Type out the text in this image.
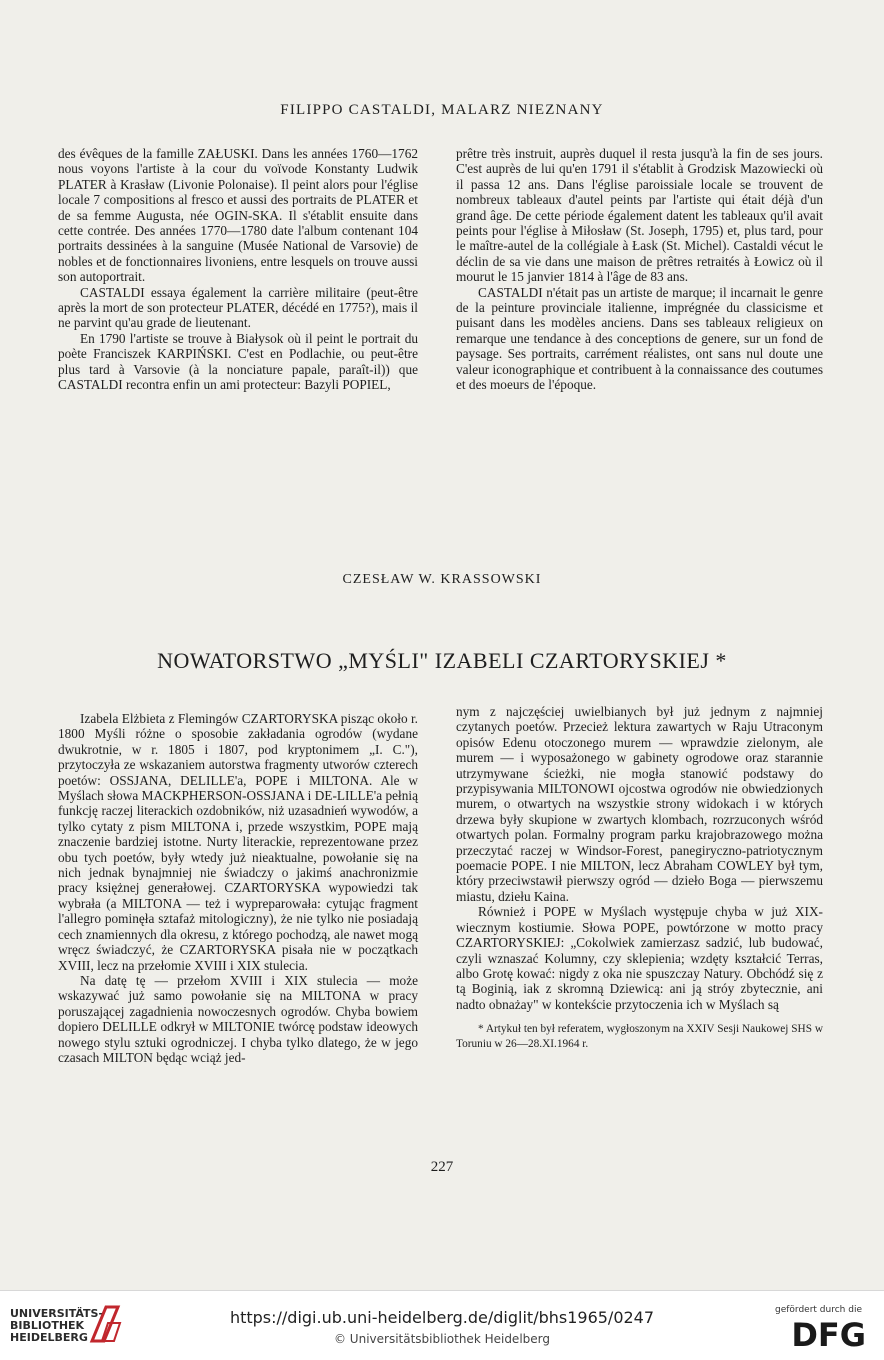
FILIPPO CASTALDI, MALARZ NIEZNANY

des évêques de la famille ZAŁUSKI. Dans les années 1760—1762 nous voyons l'artiste à la cour du voïvode Konstanty Ludwik PLATER à Krasław (Livonie Polonaise). Il peint alors pour l'église locale 7 compositions al fresco et aussi des portraits de PLATER et de sa femme Augusta, née OGIN-SKA. Il s'établit ensuite dans cette contrée. Des années 1770—1780 date l'album contenant 104 portraits dessinées à la sanguine (Musée National de Varsovie) de nobles et de fonctionnaires livoniens, entre lesquels on trouve aussi son autoportrait.

CASTALDI essaya également la carrière militaire (peut-être après la mort de son protecteur PLATER, décédé en 1775?), mais il ne parvint qu'au grade de lieutenant.

En 1790 l'artiste se trouve à Białysok où il peint le portrait du poète Franciszek KARPIŃSKI. C'est en Podlachie, ou peut-être plus tard à Varsovie (à la nonciature papale, paraît-il)) que CASTALDI recontra enfin un ami protecteur: Bazyli POPIEL,

prêtre très instruit, auprès duquel il resta jusqu'à la fin de ses jours. C'est auprès de lui qu'en 1791 il s'établit à Grodzisk Mazowiecki où il passa 12 ans. Dans l'église paroissiale locale se trouvent de nombreux tableaux d'autel peints par l'artiste qui était déjà d'un grand âge. De cette période également datent les tableaux qu'il avait peints pour l'église à Miłosław (St. Joseph, 1795) et, plus tard, pour le maître-autel de la collégiale à Łask (St. Michel). Castaldi vécut le déclin de sa vie dans une maison de prêtres retraités à Łowicz où il mourut le 15 janvier 1814 à l'âge de 83 ans.

CASTALDI n'était pas un artiste de marque; il incarnait le genre de la peinture provinciale italienne, imprégnée du classicisme et puisant dans les modèles anciens. Dans ses tableaux religieux on remarque une tendance à des conceptions de genere, sur un fond de paysage. Ses portraits, carrément réalistes, ont sans nul doute une valeur iconographique et contribuent à la connaissance des coutumes et des moeurs de l'époque.

CZESŁAW W. KRASSOWSKI
NOWATORSTWO „MYŚLI" IZABELI CZARTORYSKIEJ *

Izabela Elżbieta z Flemingów CZARTORYSKA pisząc około r. 1800 Myśli różne o sposobie zakładania ogrodów (wydane dwukrotnie, w r. 1805 i 1807, pod kryptonimem „I. C."), przytoczyła ze wskazaniem autorstwa fragmenty utworów czterech poetów: OSSJANA, DELILLE'a, POPE i MILTONA. Ale w Myślach słowa MACKPHERSON-OSSJANA i DE-LILLE'a pełnią funkcję raczej literackich ozdobników, niż uzasadnień wywodów, a tylko cytaty z pism MILTONA i, przede wszystkim, POPE mają znaczenie bardziej istotne. Nurty literackie, reprezentowane przez obu tych poetów, były wtedy już nieaktualne, powołanie się na nich jednak bynajmniej nie świadczy o jakimś anachronizmie pracy księżnej generałowej. CZARTORYSKA wypowiedzi tak wybrała (a MILTONA — też i wypreparowała: cytując fragment l'allegro pominęła sztafaż mitologiczny), że nie tylko nie posiadają cech znamiennych dla okresu, z którego pochodzą, ale nawet mogą wręcz świadczyć, że CZARTORYSKA pisała nie w początkach XVIII, lecz na przełomie XVIII i XIX stulecia.

Na datę tę — przełom XVIII i XIX stulecia — może wskazywać już samo powołanie się na MILTONA w pracy poruszającej zagadnienia nowoczesnych ogrodów. Chyba bowiem dopiero DELILLE odkrył w MILTONIE twórcę podstaw ideowych nowego stylu sztuki ogrodniczej. I chyba tylko dlatego, że w jego czasach MILTON będąc wciąż jed-

nym z najczęściej uwielbianych był już jednym z najmniej czytanych poetów. Przecież lektura zawartych w Raju Utraconym opisów Edenu otoczonego murem — wprawdzie zielonym, ale murem — i wyposażonego w gabinety ogrodowe oraz starannie utrzymywane ścieżki, nie mogła stanowić podstawy do przypisywania MILTONOWI ojcostwa ogrodów nie obwiedzionych murem, o otwartych na wszystkie strony widokach i w których drzewa były skupione w zwartych klombach, rozrzuconych wśród otwartych polan. Formalny program parku krajobrazowego można przeczytać raczej w Windsor-Forest, panegiryczno-patriotycznym poemacie POPE. I nie MILTON, lecz Abraham COWLEY był tym, który przeciwstawił pierwszy ogród — dzieło Boga — pierwszemu miastu, dziełu Kaina.

Również i POPE w Myślach występuje chyba w już XIX-wiecznym kostiumie. Słowa POPE, powtórzone w motto pracy CZARTORYSKIEJ: „Cokolwiek zamierzasz sadzić, lub budować, czyli wznaszać Kolumny, czy sklepienia; wzdęty kształcić Terras, albo Grotę kować: nigdy z oka nie spuszczay Natury. Obchódź się z tą Boginią, iak z skromną Dziewicą: ani ją stróy zbytecznie, ani nadto obnażay" w kontekście przytoczenia ich w Myślach są

* Artykuł ten był referatem, wygłoszonym na XXIV Sesji Naukowej SHS w Toruniu w 26—28.XI.1964 r.

227
UNIVERSITÄTS-
BIBLIOTHEK
HEIDELBERG
https://digi.ub.uni-heidelberg.de/diglit/bhs1965/0247
© Universitätsbibliothek Heidelberg
gefördert durch die
DFG
